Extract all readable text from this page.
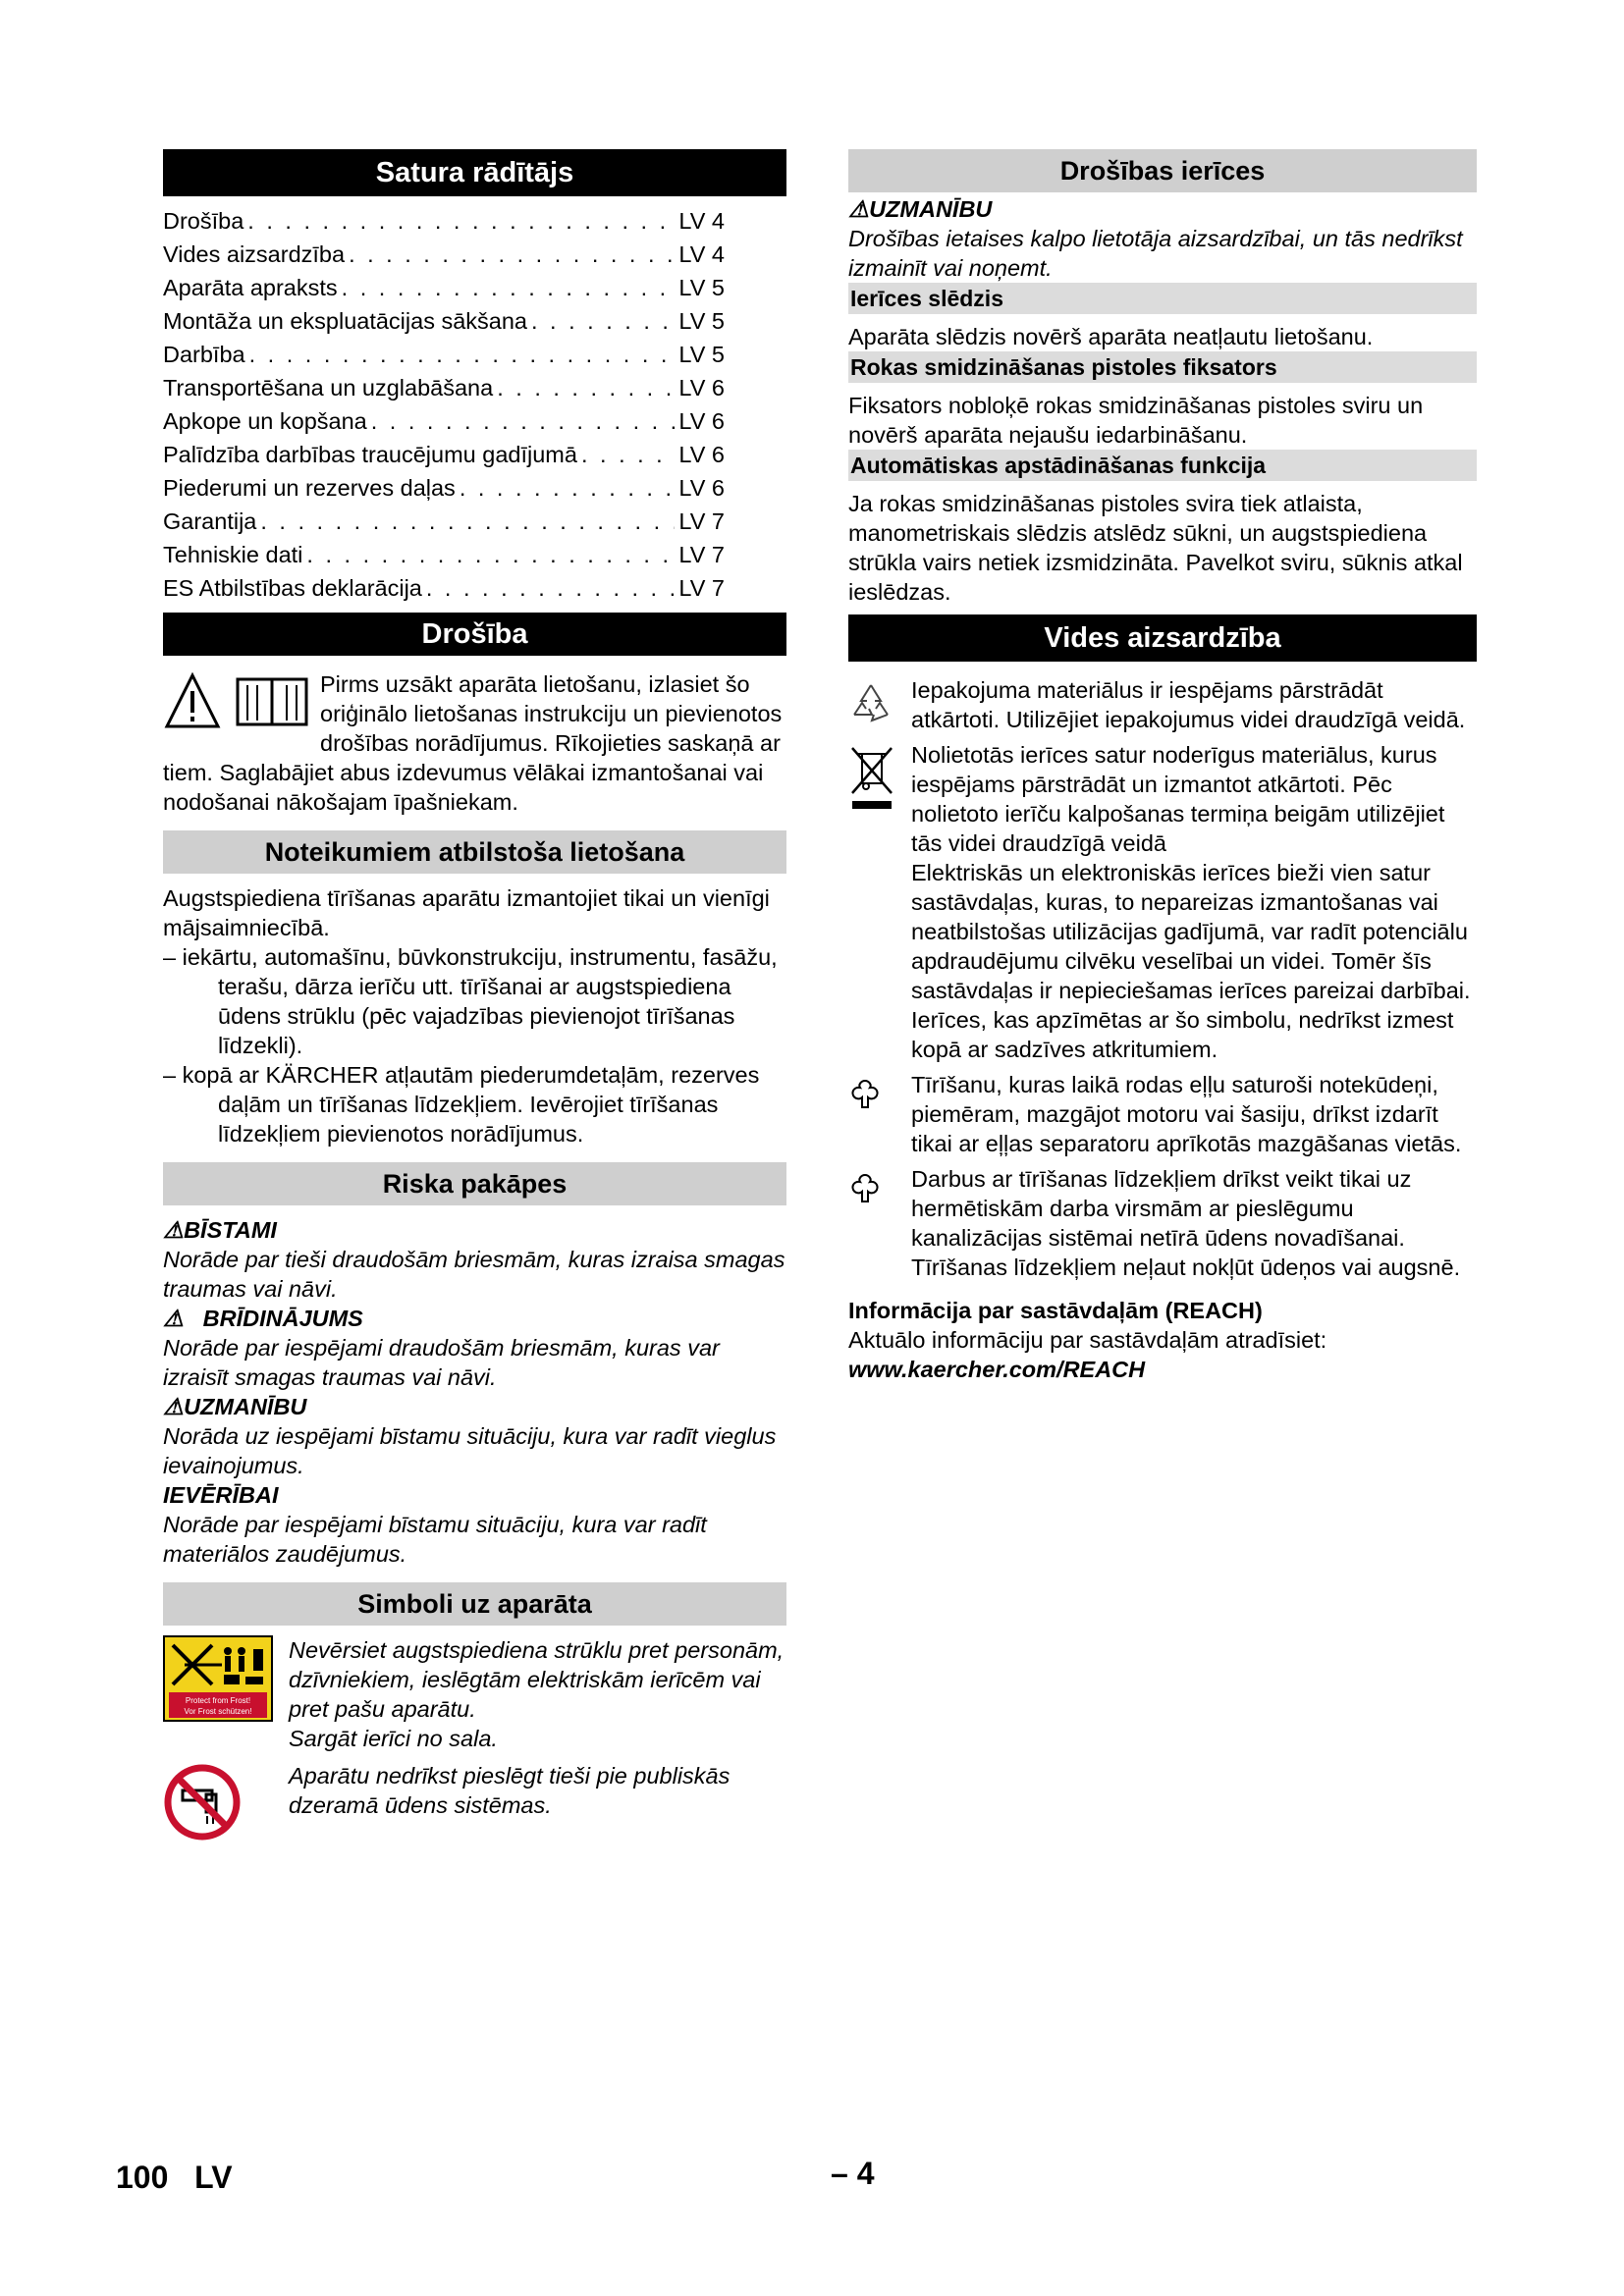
Satura rādītājs
Drošība . . .	LV 4
Vides aizsardzība . . .	LV 4
Aparāta apraksts . . .	LV 5
Montāža un ekspluatācijas sākšana . . .	LV 5
Darbība . . .	LV 5
Transportēšana un uzglabāšana . . .	LV 6
Apkope un kopšana . . .	LV 6
Palīdzība darbības traucējumu gadījumā . . .	LV 6
Piederumi un rezerves daļas . . .	LV 6
Garantija . . .	LV 7
Tehniskie dati . . .	LV 7
ES Atbilstības deklarācija . . .	LV 7
Drošība

Pirms uzsākt aparāta lietošanu, izlasiet šo oriģinālo lietošanas instrukciju un pievienotos drošības norādījumus. Rīkojieties saskaņā ar tiem. Saglabājiet abus izdevumus vēlākai izmantošanai vai nodošanai nākošajam īpašniekam.

Noteikumiem atbilstoša lietošana

Augstspiediena tīrīšanas aparātu izmantojiet tikai un vienīgi mājsaimniecībā.

– iekārtu, automašīnu, būvkonstrukciju, instrumentu, fasāžu, terašu, dārza ierīču utt. tīrīšanai ar augstspiediena ūdens strūklu (pēc vajadzības pievienojot tīrīšanas līdzekli).

– kopā ar KÄRCHER atļautām piederumdetaļām, rezerves daļām un tīrīšanas līdzekļiem. Ievērojiet tīrīšanas līdzekļiem pievienotos norādījumus.

Riska pakāpes

⚠BĪSTAMI

Norāde par tieši draudošām briesmām, kuras izraisa smagas traumas vai nāvi.

⚠   BRĪDINĀJUMS

Norāde par iespējami draudošām briesmām, kuras var izraisīt smagas traumas vai nāvi.

⚠UZMANĪBU

Norāda uz iespējami bīstamu situāciju, kura var radīt vieglus ievainojumus.

IEVĒRĪBAI

Norāde par iespējami bīstamu situāciju, kura var radīt materiālos zaudējumus.

Simboli uz aparāta
Protect from Frost!
Vor Frost schützen!

Nevērsiet augstspiediena strūklu pret personām, dzīvniekiem, ieslēgtām elektriskām ierīcēm vai pret pašu aparātu.

Sargāt ierīci no sala.

Aparātu nedrīkst pieslēgt tieši pie publiskās dzeramā ūdens sistēmas.

Drošības ierīces

⚠UZMANĪBU

Drošības ietaises kalpo lietotāja aizsardzībai, un tās nedrīkst izmainīt vai noņemt.

Ierīces slēdzis

Aparāta slēdzis novērš aparāta neatļautu lietošanu.

Rokas smidzināšanas pistoles fiksators

Fiksators nobloķē rokas smidzināšanas pistoles sviru un novērš aparāta nejaušu iedarbināšanu.

Automātiskas apstādināšanas funkcija

Ja rokas smidzināšanas pistoles svira tiek atlaista, manometriskais slēdzis atslēdz sūkni, un augstspiediena strūkla vairs netiek izsmidzināta. Pavelkot sviru, sūknis atkal ieslēdzas.

Vides aizsardzība

Iepakojuma materiālus ir iespējams pārstrādāt atkārtoti. Utilizējiet iepakojumus videi draudzīgā veidā.

Nolietotās ierīces satur noderīgus materiālus, kurus iespējams pārstrādāt un izmantot atkārtoti. Pēc nolietoto ierīču kalpošanas termiņa beigām utilizējiet tās videi draudzīgā veidā

Elektriskās un elektroniskās ierīces bieži vien satur sastāvdaļas, kuras, to nepareizas izmantošanas vai neatbilstošas utilizācijas gadījumā, var radīt potenciālu apdraudējumu cilvēku veselībai un videi. Tomēr šīs sastāvdaļas ir nepieciešamas ierīces pareizai darbībai. Ierīces, kas apzīmētas ar šo simbolu, nedrīkst izmest kopā ar sadzīves atkritumiem.

Tīrīšanu, kuras laikā rodas eļļu saturoši notekūdeņi, piemēram, mazgājot motoru vai šasiju, drīkst izdarīt tikai ar eļļas separatoru aprīkotās mazgāšanas vietās.

Darbus ar tīrīšanas līdzekļiem drīkst veikt tikai uz hermētiskām darba virsmām ar pieslēgumu kanalizācijas sistēmai netīrā ūdens novadīšanai. Tīrīšanas līdzekļiem neļaut nokļūt ūdeņos vai augsnē.

Informācija par sastāvdaļām (REACH)

Aktuālo informāciju par sastāvdaļām atradīsiet:

www.kaercher.com/REACH

100 LV	– 4
